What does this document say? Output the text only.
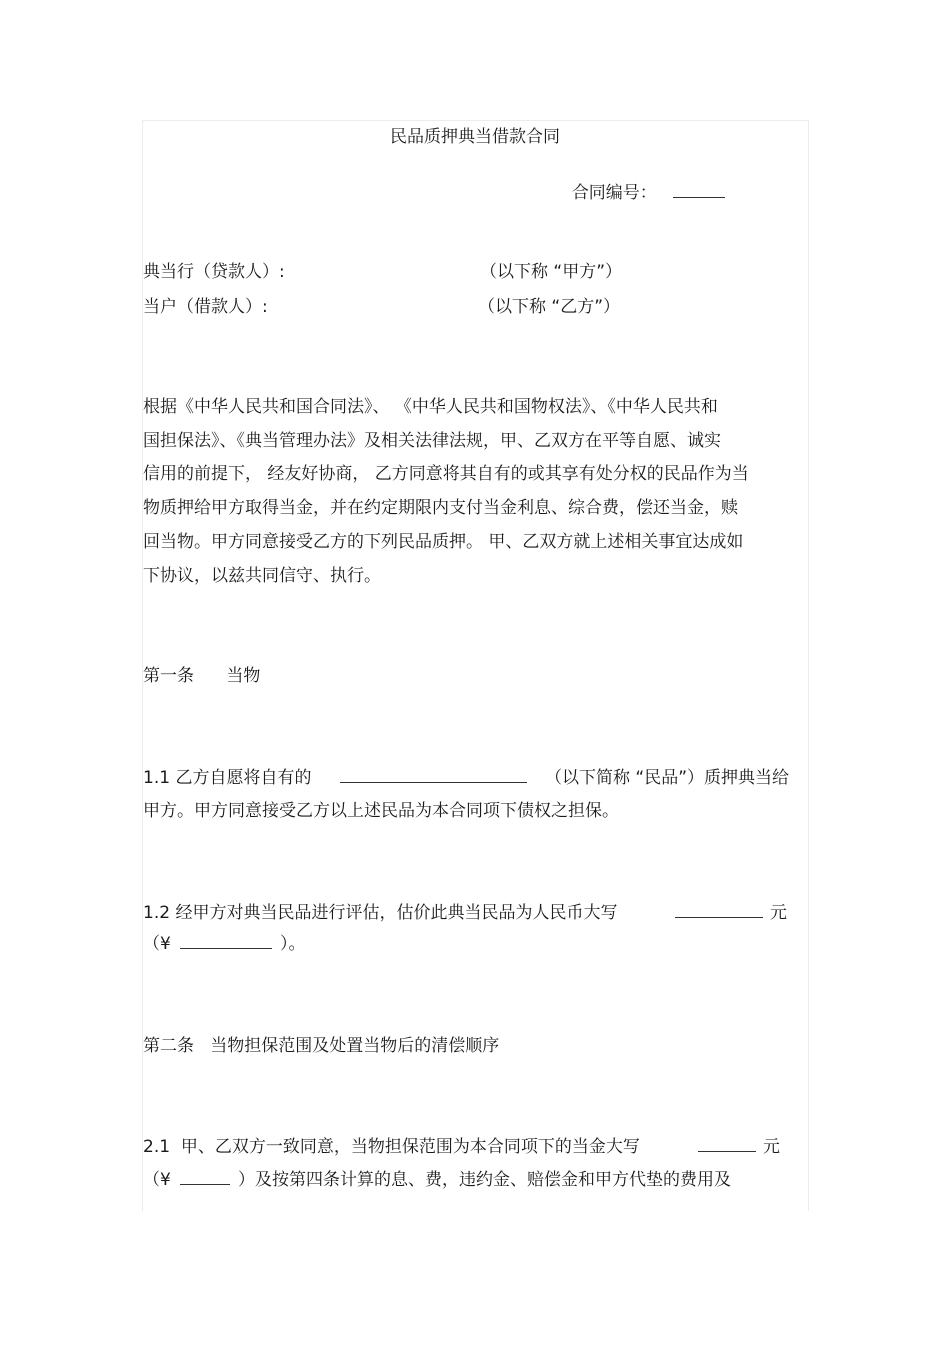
民品质押典当借款合同

合同编号：

典当行（贷款人）:	（以下称 “甲方”）
当户（借款人）:	（以下称 “乙方”）
根据《中华人民共和国合同法》、 《中华人民共和国物权法》、《中华人民共和
国担保法》、《典当管理办法》及相关法律法规，甲、乙双方在平等自愿、诚实
信用的前提下， 经友好协商， 乙方同意将其自有的或其享有处分权的民品作为当
物质押给甲方取得当金，并在约定期限内支付当金利息、综合费，偿还当金，赎
回当物。甲方同意接受乙方的下列民品质押。 甲、乙双方就上述相关事宜达成如
下协议，以兹共同信守、执行。
第一条      当物
1.1 乙方自愿将自有的	（以下简称 “民品”）质押典当给
甲方。甲方同意接受乙方以上述民品为本合同项下债权之担保。
1.2 经甲方对典当民品进行评估，估价此典当民品为人民币大写	元
（¥	）。
第二条   当物担保范围及处置当物后的清偿顺序
2.1  甲、乙双方一致同意，当物担保范围为本合同项下的当金大写	元
（¥	）及按第四条计算的息、费，违约金、赔偿金和甲方代垫的费用及
